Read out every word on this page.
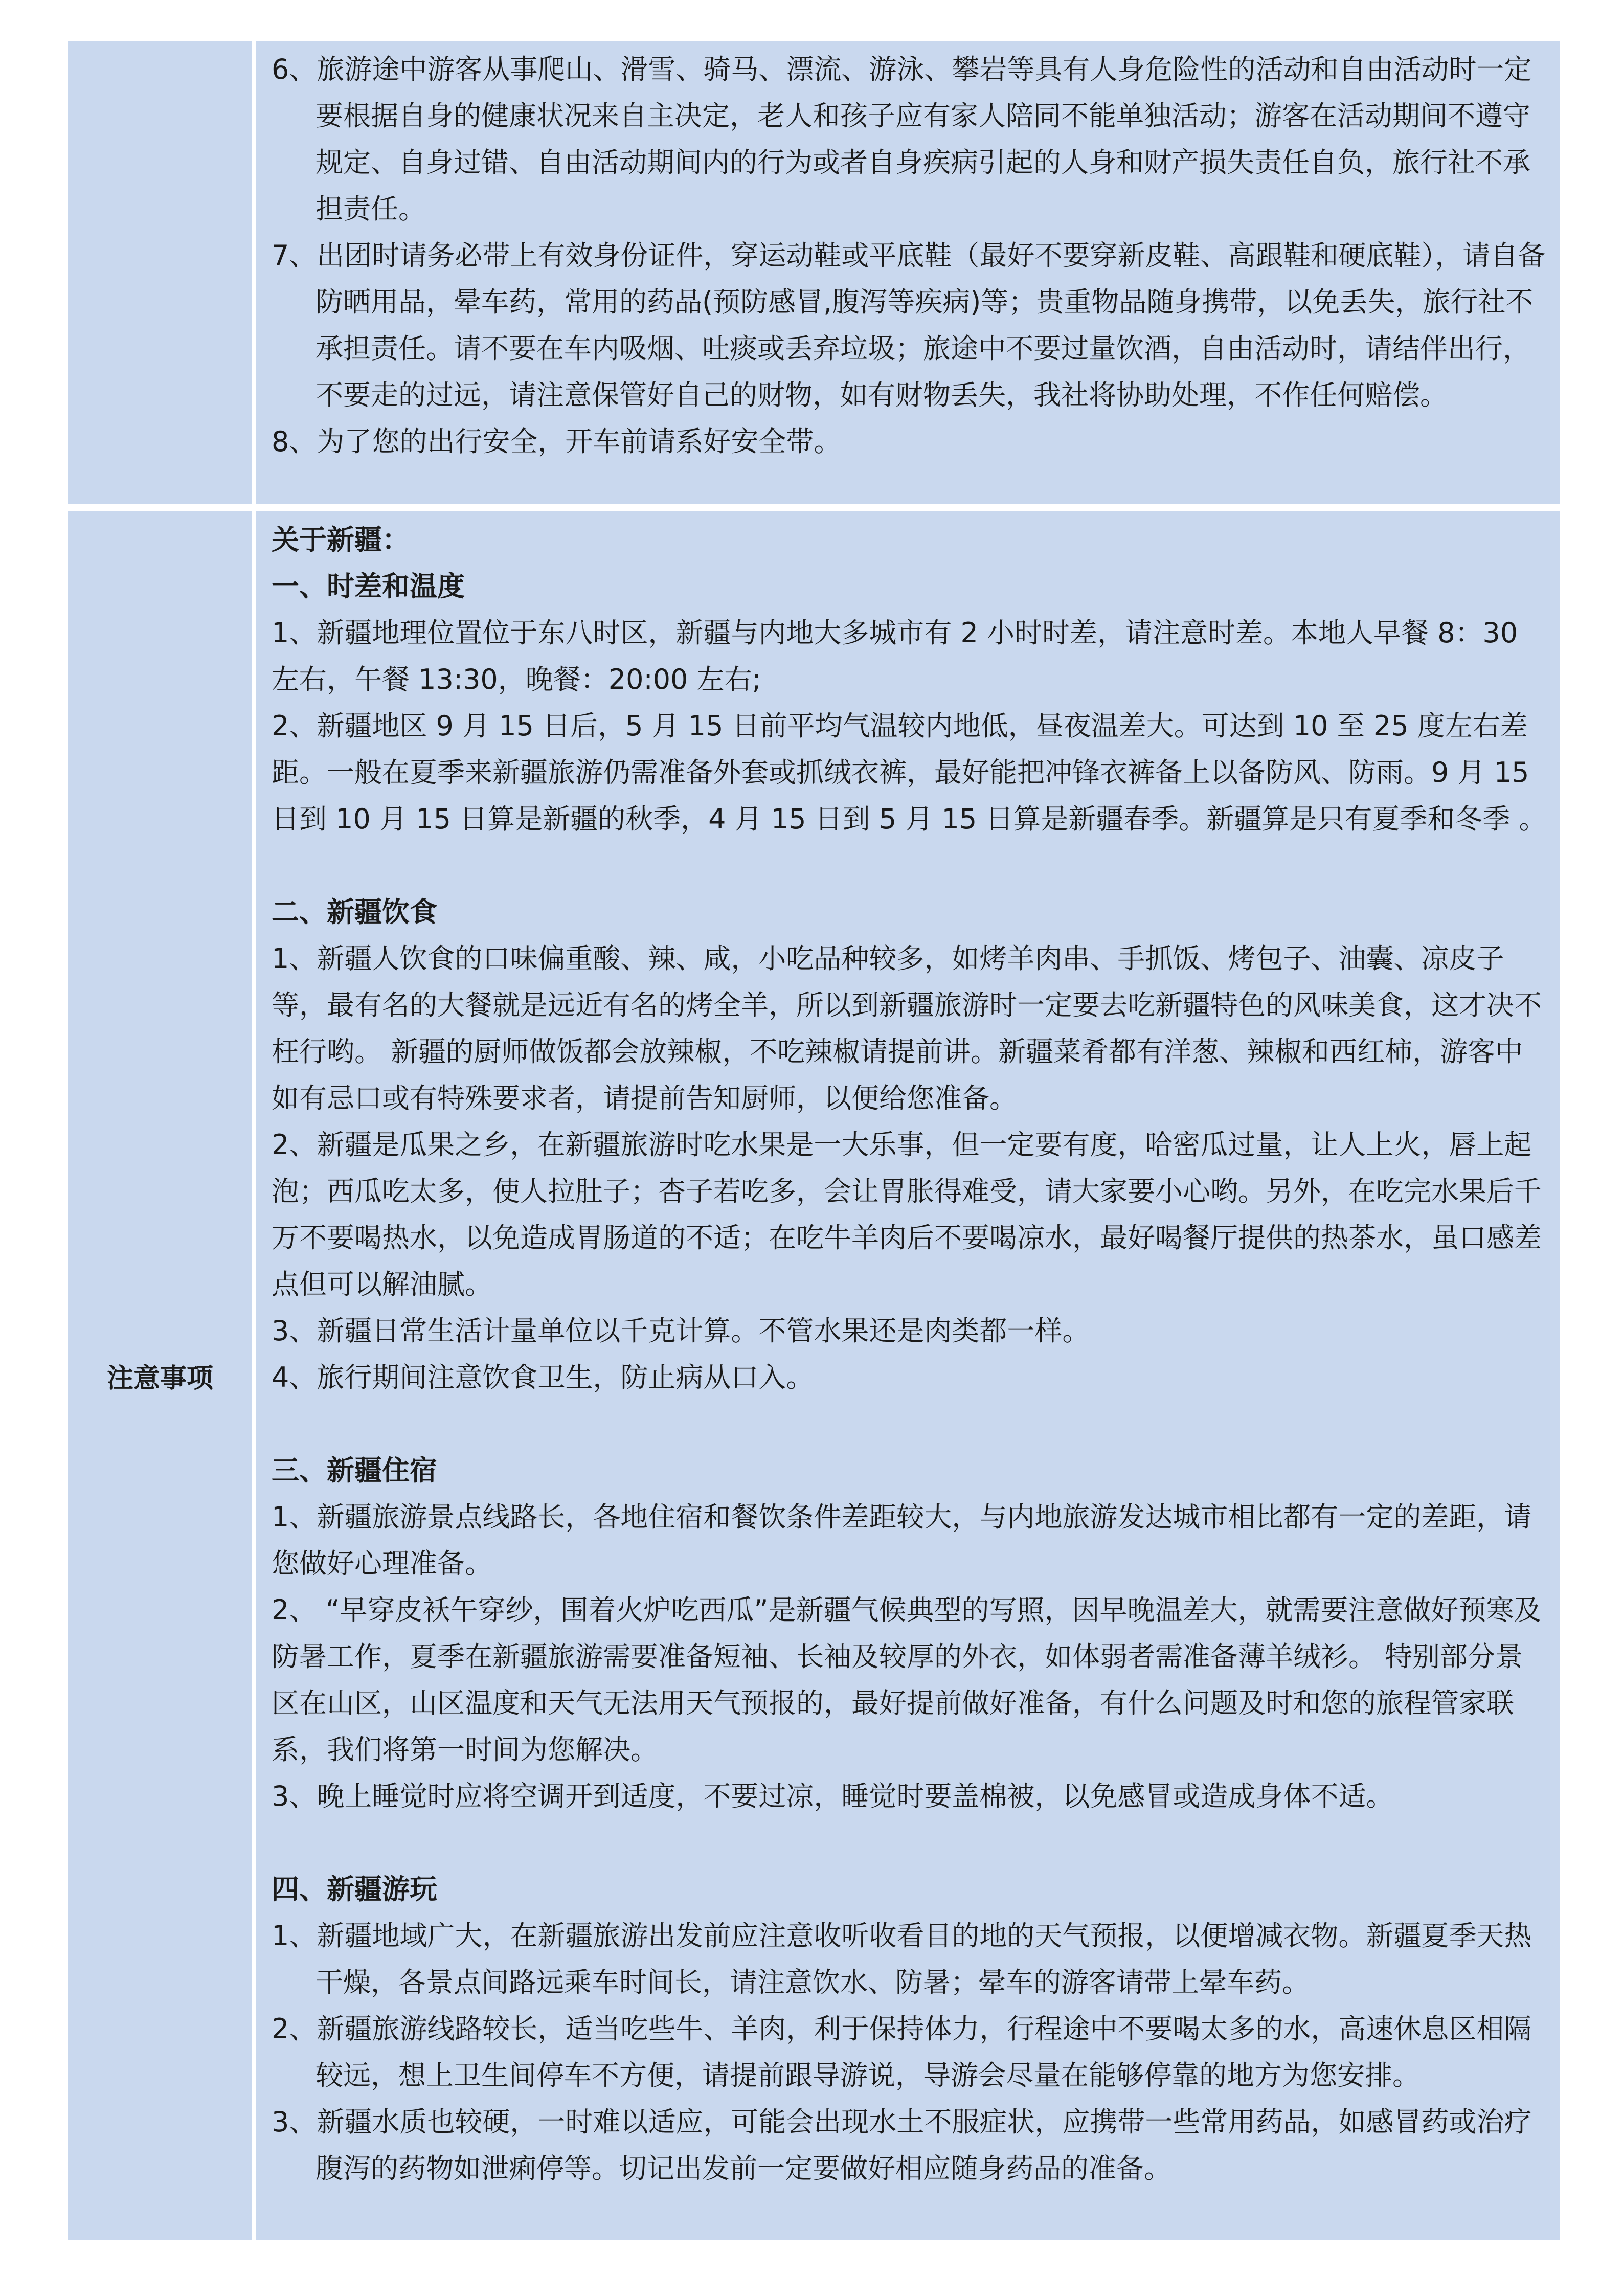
6、旅游途中游客从事爬山、滑雪、骑马、漂流、游泳、攀岩等具有人身危险性的活动和自由活动时一定要根据自身的健康状况来自主决定，老人和孩子应有家人陪同不能单独活动；游客在活动期间不遵守规定、自身过错、自由活动期间内的行为或者自身疾病引起的人身和财产损失责任自负，旅行社不承担责任。

7、出团时请务必带上有效身份证件，穿运动鞋或平底鞋（最好不要穿新皮鞋、高跟鞋和硬底鞋），请自备防晒用品，晕车药，常用的药品(预防感冒,腹泻等疾病)等；贵重物品随身携带，以免丢失，旅行社不承担责任。请不要在车内吸烟、吐痰或丢弃垃圾；旅途中不要过量饮酒，自由活动时，请结伴出行，不要走的过远，请注意保管好自己的财物，如有财物丢失，我社将协助处理，不作任何赔偿。

8、为了您的出行安全，开车前请系好安全带。

注意事项

关于新疆：

一、时差和温度

1、新疆地理位置位于东八时区，新疆与内地大多城市有 2 小时时差，请注意时差。本地人早餐 8：30 左右，午餐 13:30，晚餐：20:00 左右;

2、新疆地区 9 月 15 日后，5 月 15 日前平均气温较内地低，昼夜温差大。可达到 10 至 25 度左右差距。一般在夏季来新疆旅游仍需准备外套或抓绒衣裤，最好能把冲锋衣裤备上以备防风、防雨。9 月 15 日到 10 月 15 日算是新疆的秋季，4 月 15 日到 5 月 15 日算是新疆春季。新疆算是只有夏季和冬季 。

二、新疆饮食

1、新疆人饮食的口味偏重酸、辣、咸，小吃品种较多，如烤羊肉串、手抓饭、烤包子、油囊、凉皮子等，最有名的大餐就是远近有名的烤全羊，所以到新疆旅游时一定要去吃新疆特色的风味美食，这才决不枉行哟。 新疆的厨师做饭都会放辣椒，不吃辣椒请提前讲。新疆菜肴都有洋葱、辣椒和西红柿，游客中如有忌口或有特殊要求者，请提前告知厨师，以便给您准备。

2、新疆是瓜果之乡，在新疆旅游时吃水果是一大乐事，但一定要有度，哈密瓜过量，让人上火，唇上起泡；西瓜吃太多，使人拉肚子；杏子若吃多，会让胃胀得难受，请大家要小心哟。另外，在吃完水果后千万不要喝热水，以免造成胃肠道的不适；在吃牛羊肉后不要喝凉水，最好喝餐厅提供的热茶水，虽口感差点但可以解油腻。

3、新疆日常生活计量单位以千克计算。不管水果还是肉类都一样。

4、旅行期间注意饮食卫生，防止病从口入。

三、新疆住宿

1、新疆旅游景点线路长，各地住宿和餐饮条件差距较大，与内地旅游发达城市相比都有一定的差距，请您做好心理准备。

2、 “早穿皮袄午穿纱，围着火炉吃西瓜”是新疆气候典型的写照，因早晚温差大，就需要注意做好预寒及防暑工作，夏季在新疆旅游需要准备短袖、长袖及较厚的外衣，如体弱者需准备薄羊绒衫。 特别部分景区在山区，山区温度和天气无法用天气预报的，最好提前做好准备，有什么问题及时和您的旅程管家联系，我们将第一时间为您解决。

3、晚上睡觉时应将空调开到适度，不要过凉，睡觉时要盖棉被，以免感冒或造成身体不适。

四、新疆游玩

1、新疆地域广大，在新疆旅游出发前应注意收听收看目的地的天气预报，以便增减衣物。新疆夏季天热干燥，各景点间路远乘车时间长，请注意饮水、防暑；晕车的游客请带上晕车药。

2、新疆旅游线路较长，适当吃些牛、羊肉，利于保持体力，行程途中不要喝太多的水，高速休息区相隔较远，想上卫生间停车不方便，请提前跟导游说，导游会尽量在能够停靠的地方为您安排。

3、新疆水质也较硬，一时难以适应，可能会出现水土不服症状，应携带一些常用药品，如感冒药或治疗腹泻的药物如泄痢停等。切记出发前一定要做好相应随身药品的准备。
